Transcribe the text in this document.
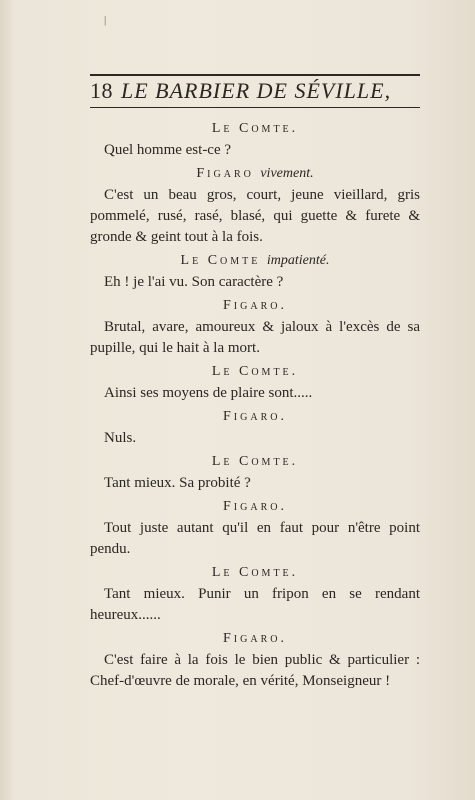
|
18 LE BARBIER DE SÉVILLE,

Le Comte.

Quel homme est-ce ?

Figaro vivement.

C'est un beau gros, court, jeune vieillard, gris pommelé, rusé, rasé, blasé, qui guette & furete & gronde & geint tout à la fois.

Le Comte impatienté.

Eh ! je l'ai vu. Son caractère ?

Figaro.

Brutal, avare, amoureux & jaloux à l'excès de sa pupille, qui le hait à la mort.

Le Comte.

Ainsi ses moyens de plaire sont.....

Figaro.

Nuls.

Le Comte.

Tant mieux. Sa probité ?

Figaro.

Tout juste autant qu'il en faut pour n'être point pendu.

Le Comte.

Tant mieux. Punir un fripon en se rendant heureux......

Figaro.

C'est faire à la fois le bien public & particulier : Chef-d'œuvre de morale, en vérité, Monseigneur !
